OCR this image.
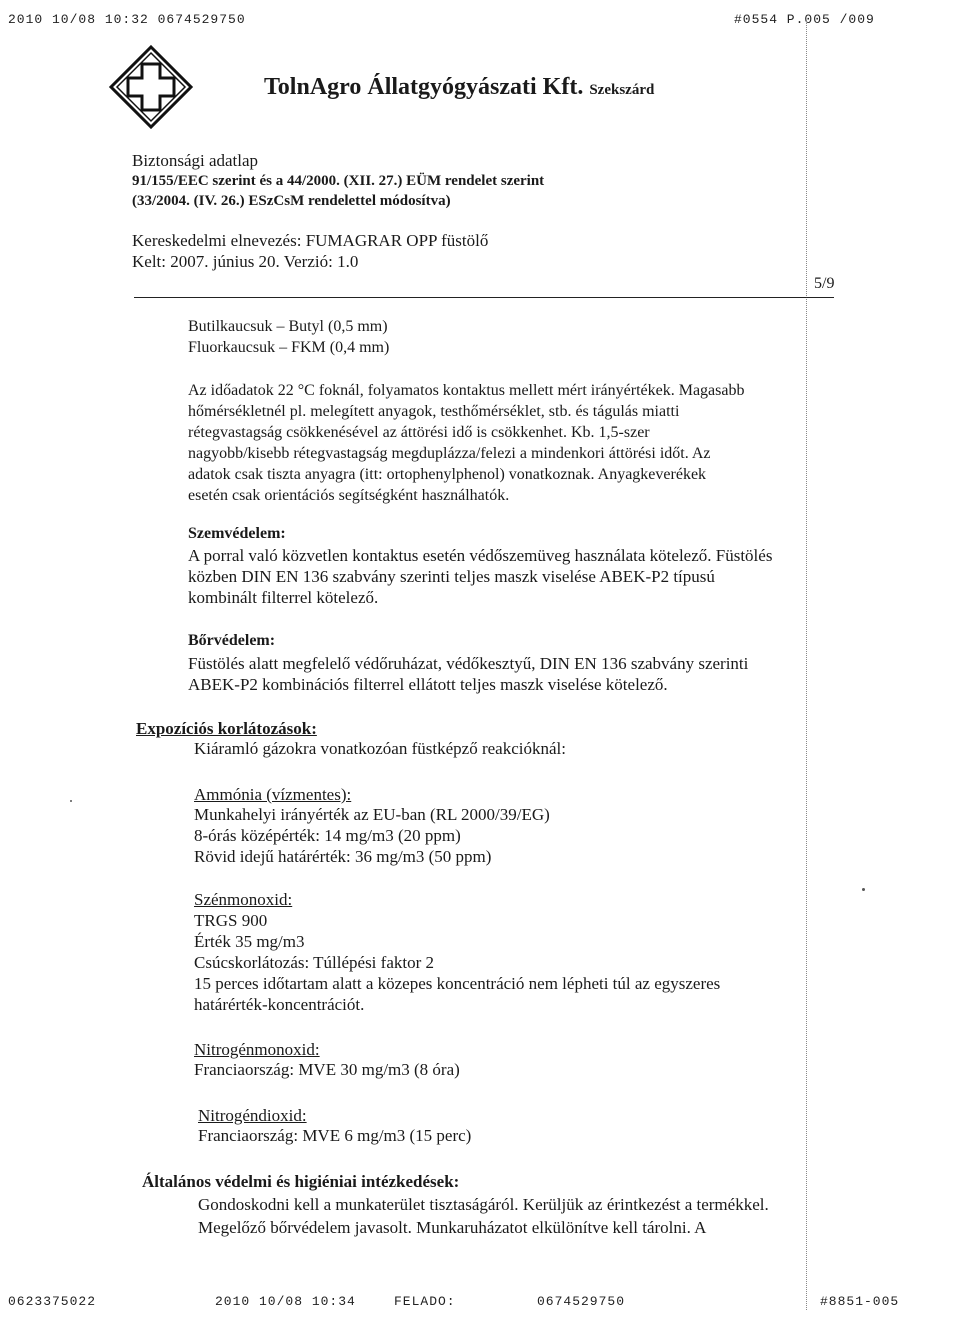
2010 10/08 10:32 0674529750	#0554 P.005 /009
TolnAgro Állatgyógyászati Kft. Szekszárd
Biztonsági adatlap
91/155/EEC szerint és a 44/2000. (XII. 27.) EÜM rendelet szerint
(33/2004. (IV. 26.) ESzCsM rendelettel módosítva)
Kereskedelmi elnevezés: FUMAGRAR OPP füstölő
Kelt: 2007. június 20. Verzió: 1.0
5/9
Butilkaucsuk – Butyl (0,5 mm)
Fluorkaucsuk – FKM (0,4 mm)
Az időadatok 22 °C foknál, folyamatos kontaktus mellett mért irányértékek. Magasabb
hőmérsékletnél pl. melegített anyagok, testhőmérséklet, stb. és tágulás miatti
rétegvastagság csökkenésével az áttörési idő is csökkenhet. Kb. 1,5-szer
nagyobb/kisebb rétegvastagság megduplázza/felezi a mindenkori áttörési időt. Az
adatok csak tiszta anyagra (itt: ortophenylphenol) vonatkoznak. Anyagkeverékek
esetén csak orientációs segítségként használhatók.
Szemvédelem:
A porral való közvetlen kontaktus esetén védőszemüveg használata kötelező. Füstölés
közben DIN EN 136 szabvány szerinti teljes maszk viselése ABEK-P2 típusú
kombinált filterrel kötelező.
Bőrvédelem:
Füstölés alatt megfelelő védőruházat, védőkesztyű, DIN EN 136 szabvány szerinti
ABEK-P2 kombinációs filterrel ellátott teljes maszk viselése kötelező.
Expozíciós korlátozások:
Kiáramló gázokra vonatkozóan füstképző reakcióknál:
Ammónia (vízmentes):
Munkahelyi irányérték az EU-ban (RL 2000/39/EG)
8-órás középérték: 14 mg/m3 (20 ppm)
Rövid idejű határérték: 36 mg/m3 (50 ppm)
Szénmonoxid:
TRGS 900
Érték 35 mg/m3
Csúcskorlátozás: Túllépési faktor 2
15 perces időtartam alatt a közepes koncentráció nem lépheti túl az egyszeres
határérték-koncentrációt.
Nitrogénmonoxid:
Franciaország: MVE 30 mg/m3 (8 óra)
Nitrogéndioxid:
Franciaország: MVE 6 mg/m3 (15 perc)
Általános védelmi és higiéniai intézkedések:
Gondoskodni kell a munkaterület tisztaságáról. Kerüljük az érintkezést a termékkel.
Megelőző bőrvédelem javasolt. Munkaruházatot elkülönítve kell tárolni. A
0623375022	2010 10/08 10:34	FELADO:	0674529750	#8851-005
